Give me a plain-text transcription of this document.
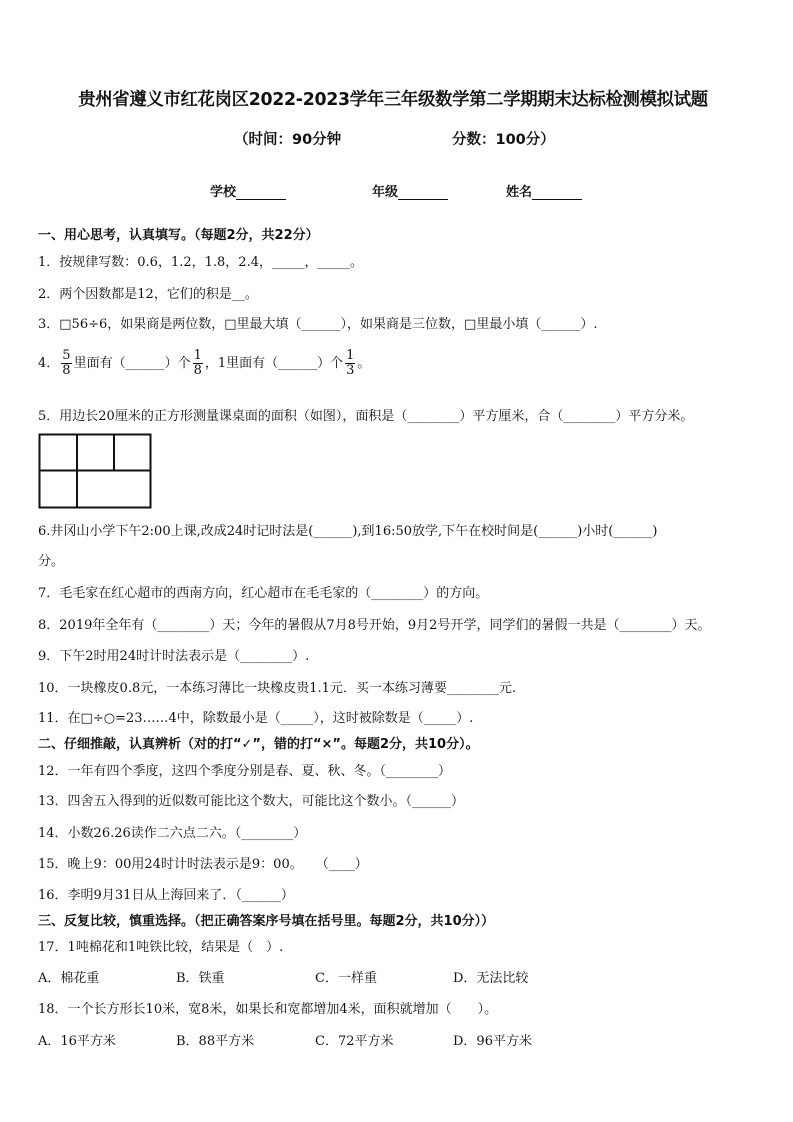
贵州省遵义市红花岗区2022-2023学年三年级数学第二学期期末达标检测模拟试题
（时间：90分钟	分数：100分）
学校	年级	姓名
一、用心思考，认真填写。（每题2分，共22分）
1．按规律写数：0.6，1.2，1.8，2.4，_____，_____。
2．两个因数都是12，它们的积是__。
3．□56÷6，如果商是两位数，□里最大填（______），如果商是三位数，□里最小填（______）.
4． $\frac{5}{8}$ 里面有（______）个 $\frac{1}{8}$ ，1里面有（______）个 $\frac{1}{3}$ 。
5．用边长20厘米的正方形测量课桌面的面积（如图），面积是（________）平方厘米，合（________）平方分米。
6.井冈山小学下午2:00上课,改成24时记时法是(______),到16:50放学,下午在校时间是(______)小时(______)
分。
7．毛毛家在红心超市的西南方向，红心超市在毛毛家的（________）的方向。
8．2019年全年有（________）天；今年的暑假从7月8号开始，9月2号开学，同学们的暑假一共是（________）天。
9．下午2时用24时计时法表示是（________）.
10．一块橡皮0.8元，一本练习薄比一块橡皮贵1.1元．买一本练习薄要________元.
11．在□÷○=23……4中，除数最小是（_____），这时被除数是（_____）.
二、仔细推敲，认真辨析（对的打“✓”，错的打“×”。每题2分，共10分）。
12．一年有四个季度，这四个季度分别是春、夏、秋、冬。（________）
13．四舍五入得到的近似数可能比这个数大，可能比这个数小。（______）
14．小数26.26读作二六点二六。（________）
15．晚上9：00用24时计时法表示是9：00。　　（____）
16．李明9月31日从上海回来了．（______）
三、反复比较，慎重选择。（把正确答案序号填在括号里。每题2分，共10分））
17．1吨棉花和1吨铁比较，结果是（　）.
A．棉花重	B．铁重	C．一样重	D．无法比较
18．一个长方形长10米，宽8米，如果长和宽都增加4米，面积就增加（　　）。
A．16平方米	B．88平方米	C．72平方米	D．96平方米
